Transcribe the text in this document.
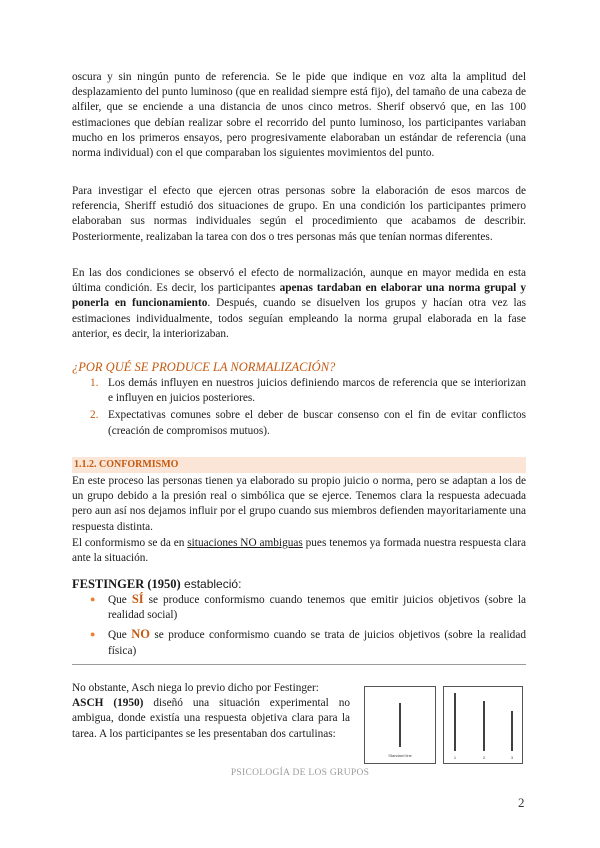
oscura y sin ningún punto de referencia. Se le pide que indique en voz alta la amplitud del desplazamiento del punto luminoso (que en realidad siempre está fijo), del tamaño de una cabeza de alfiler, que se enciende a una distancia de unos cinco metros. Sherif observó que, en las 100 estimaciones que debían realizar sobre el recorrido del punto luminoso, los participantes variaban mucho en los primeros ensayos, pero progresivamente elaboraban un estándar de referencia (una norma individual) con el que comparaban los siguientes movimientos del punto.

Para investigar el efecto que ejercen otras personas sobre la elaboración de esos marcos de referencia, Sheriff estudió dos situaciones de grupo. En una condición los participantes primero elaboraban sus normas individuales según el procedimiento que acabamos de describir. Posteriormente, realizaban la tarea con dos o tres personas más que tenían normas diferentes.

En las dos condiciones se observó el efecto de normalización, aunque en mayor medida en esta última condición. Es decir, los participantes apenas tardaban en elaborar una norma grupal y ponerla en funcionamiento. Después, cuando se disuelven los grupos y hacían otra vez las estimaciones individualmente, todos seguían empleando la norma grupal elaborada en la fase anterior, es decir, la interiorizaban.

¿POR QUÉ SE PRODUCE LA NORMALIZACIÓN?
1. Los demás influyen en nuestros juicios definiendo marcos de referencia que se interiorizan e influyen en juicios posteriores.
2. Expectativas comunes sobre el deber de buscar consenso con el fin de evitar conflictos (creación de compromisos mutuos).
1.1.2. CONFORMISMO

En este proceso las personas tienen ya elaborado su propio juicio o norma, pero se adaptan a los de un grupo debido a la presión real o simbólica que se ejerce. Tenemos clara la respuesta adecuada pero aun así nos dejamos influir por el grupo cuando sus miembros defienden mayoritariamente una respuesta distinta.

El conformismo se da en situaciones NO ambiguas pues tenemos ya formada nuestra respuesta clara ante la situación.

FESTINGER (1950) estableció:

●	Que SÍ se produce conformismo cuando tenemos que emitir juicios objetivos (sobre la realidad social)
●	Que NO se produce conformismo cuando se trata de juicios objetivos (sobre la realidad física)

No obstante, Asch niega lo previo dicho por Festinger:
ASCH (1950) diseñó una situación experimental no ambigua, donde existía una respuesta objetiva clara para la tarea. A los participantes se les presentaban dos cartulinas:

Standard line	1	2	3
PSICOLOGÍA DE LOS GRUPOS
2
